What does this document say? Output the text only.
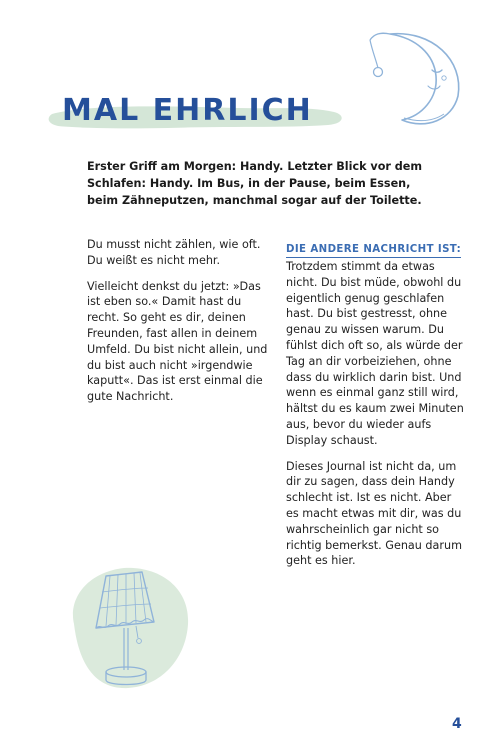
MAL EHRLICH

Erster Griff am Morgen: Handy. Letzter Blick vor dem Schlafen: Handy. Im Bus, in der Pause, beim Essen, beim Zähneputzen, manchmal sogar auf der Toilette.

Du musst nicht zählen, wie oft. Du weißt es nicht mehr.

Vielleicht denkst du jetzt: »Das ist eben so.« Damit hast du recht. So geht es dir, deinen Freunden, fast allen in deinem Umfeld. Du bist nicht allein, und du bist auch nicht »irgendwie kaputt«. Das ist erst einmal die gute Nachricht.

DIE ANDERE NACHRICHT IST:

Trotzdem stimmt da etwas nicht. Du bist müde, obwohl du eigentlich genug geschlafen hast. Du bist gestresst, ohne genau zu wissen warum. Du fühlst dich oft so, als würde der Tag an dir vorbeiziehen, ohne dass du wirklich darin bist. Und wenn es einmal ganz still wird, hältst du es kaum zwei Minuten aus, bevor du wieder aufs Display schaust.

Dieses Journal ist nicht da, um dir zu sagen, dass dein Handy schlecht ist. Ist es nicht. Aber es macht etwas mit dir, was du wahrscheinlich gar nicht so richtig bemerkst. Genau darum geht es hier.

4
